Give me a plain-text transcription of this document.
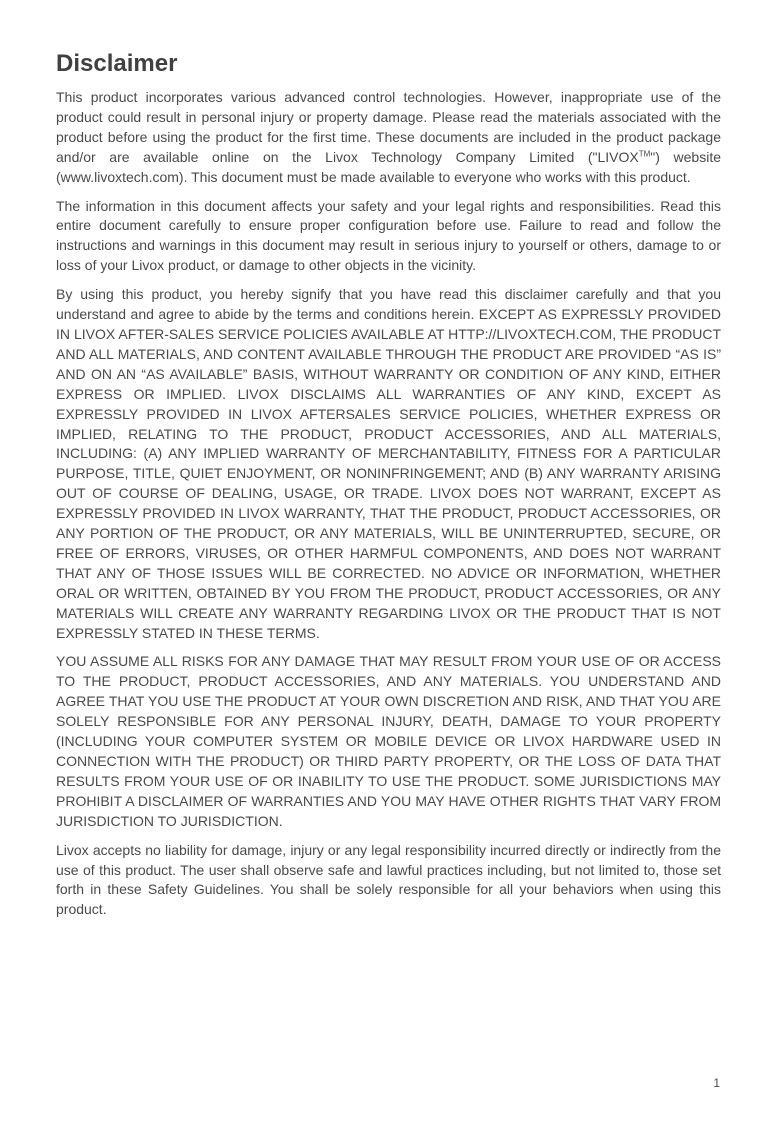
Disclaimer

This product incorporates various advanced control technologies. However, inappropriate use of the product could result in personal injury or property damage. Please read the materials associated with the product before using the product for the first time. These documents are included in the product package and/or are available online on the Livox Technology Company Limited ("LIVOX™") website (www.livoxtech.com). This document must be made available to everyone who works with this product.

The information in this document affects your safety and your legal rights and responsibilities. Read this entire document carefully to ensure proper configuration before use. Failure to read and follow the instructions and warnings in this document may result in serious injury to yourself or others, damage to or loss of your Livox product, or damage to other objects in the vicinity.

By using this product, you hereby signify that you have read this disclaimer carefully and that you understand and agree to abide by the terms and conditions herein. EXCEPT AS EXPRESSLY PROVIDED IN LIVOX AFTER-SALES SERVICE POLICIES AVAILABLE AT HTTP://LIVOXTECH.COM, THE PRODUCT AND ALL MATERIALS, AND CONTENT AVAILABLE THROUGH THE PRODUCT ARE PROVIDED “AS IS” AND ON AN “AS AVAILABLE” BASIS, WITHOUT WARRANTY OR CONDITION OF ANY KIND, EITHER EXPRESS OR IMPLIED. LIVOX DISCLAIMS ALL WARRANTIES OF ANY KIND, EXCEPT AS EXPRESSLY PROVIDED IN LIVOX AFTERSALES SERVICE POLICIES, WHETHER EXPRESS OR IMPLIED, RELATING TO THE PRODUCT, PRODUCT ACCESSORIES, AND ALL MATERIALS, INCLUDING: (A) ANY IMPLIED WARRANTY OF MERCHANTABILITY, FITNESS FOR A PARTICULAR PURPOSE, TITLE, QUIET ENJOYMENT, OR NONINFRINGEMENT; AND (B) ANY WARRANTY ARISING OUT OF COURSE OF DEALING, USAGE, OR TRADE. LIVOX DOES NOT WARRANT, EXCEPT AS EXPRESSLY PROVIDED IN LIVOX WARRANTY, THAT THE PRODUCT, PRODUCT ACCESSORIES, OR ANY PORTION OF THE PRODUCT, OR ANY MATERIALS, WILL BE UNINTERRUPTED, SECURE, OR FREE OF ERRORS, VIRUSES, OR OTHER HARMFUL COMPONENTS, AND DOES NOT WARRANT THAT ANY OF THOSE ISSUES WILL BE CORRECTED. NO ADVICE OR INFORMATION, WHETHER ORAL OR WRITTEN, OBTAINED BY YOU FROM THE PRODUCT, PRODUCT ACCESSORIES, OR ANY MATERIALS WILL CREATE ANY WARRANTY REGARDING LIVOX OR THE PRODUCT THAT IS NOT EXPRESSLY STATED IN THESE TERMS.

YOU ASSUME ALL RISKS FOR ANY DAMAGE THAT MAY RESULT FROM YOUR USE OF OR ACCESS TO THE PRODUCT, PRODUCT ACCESSORIES, AND ANY MATERIALS. YOU UNDERSTAND AND AGREE THAT YOU USE THE PRODUCT AT YOUR OWN DISCRETION AND RISK, AND THAT YOU ARE SOLELY RESPONSIBLE FOR ANY PERSONAL INJURY, DEATH, DAMAGE TO YOUR PROPERTY (INCLUDING YOUR COMPUTER SYSTEM OR MOBILE DEVICE OR LIVOX HARDWARE USED IN CONNECTION WITH THE PRODUCT) OR THIRD PARTY PROPERTY, OR THE LOSS OF DATA THAT RESULTS FROM YOUR USE OF OR INABILITY TO USE THE PRODUCT. SOME JURISDICTIONS MAY PROHIBIT A DISCLAIMER OF WARRANTIES AND YOU MAY HAVE OTHER RIGHTS THAT VARY FROM JURISDICTION TO JURISDICTION.

Livox accepts no liability for damage, injury or any legal responsibility incurred directly or indirectly from the use of this product. The user shall observe safe and lawful practices including, but not limited to, those set forth in these Safety Guidelines. You shall be solely responsible for all your behaviors when using this product.

1
